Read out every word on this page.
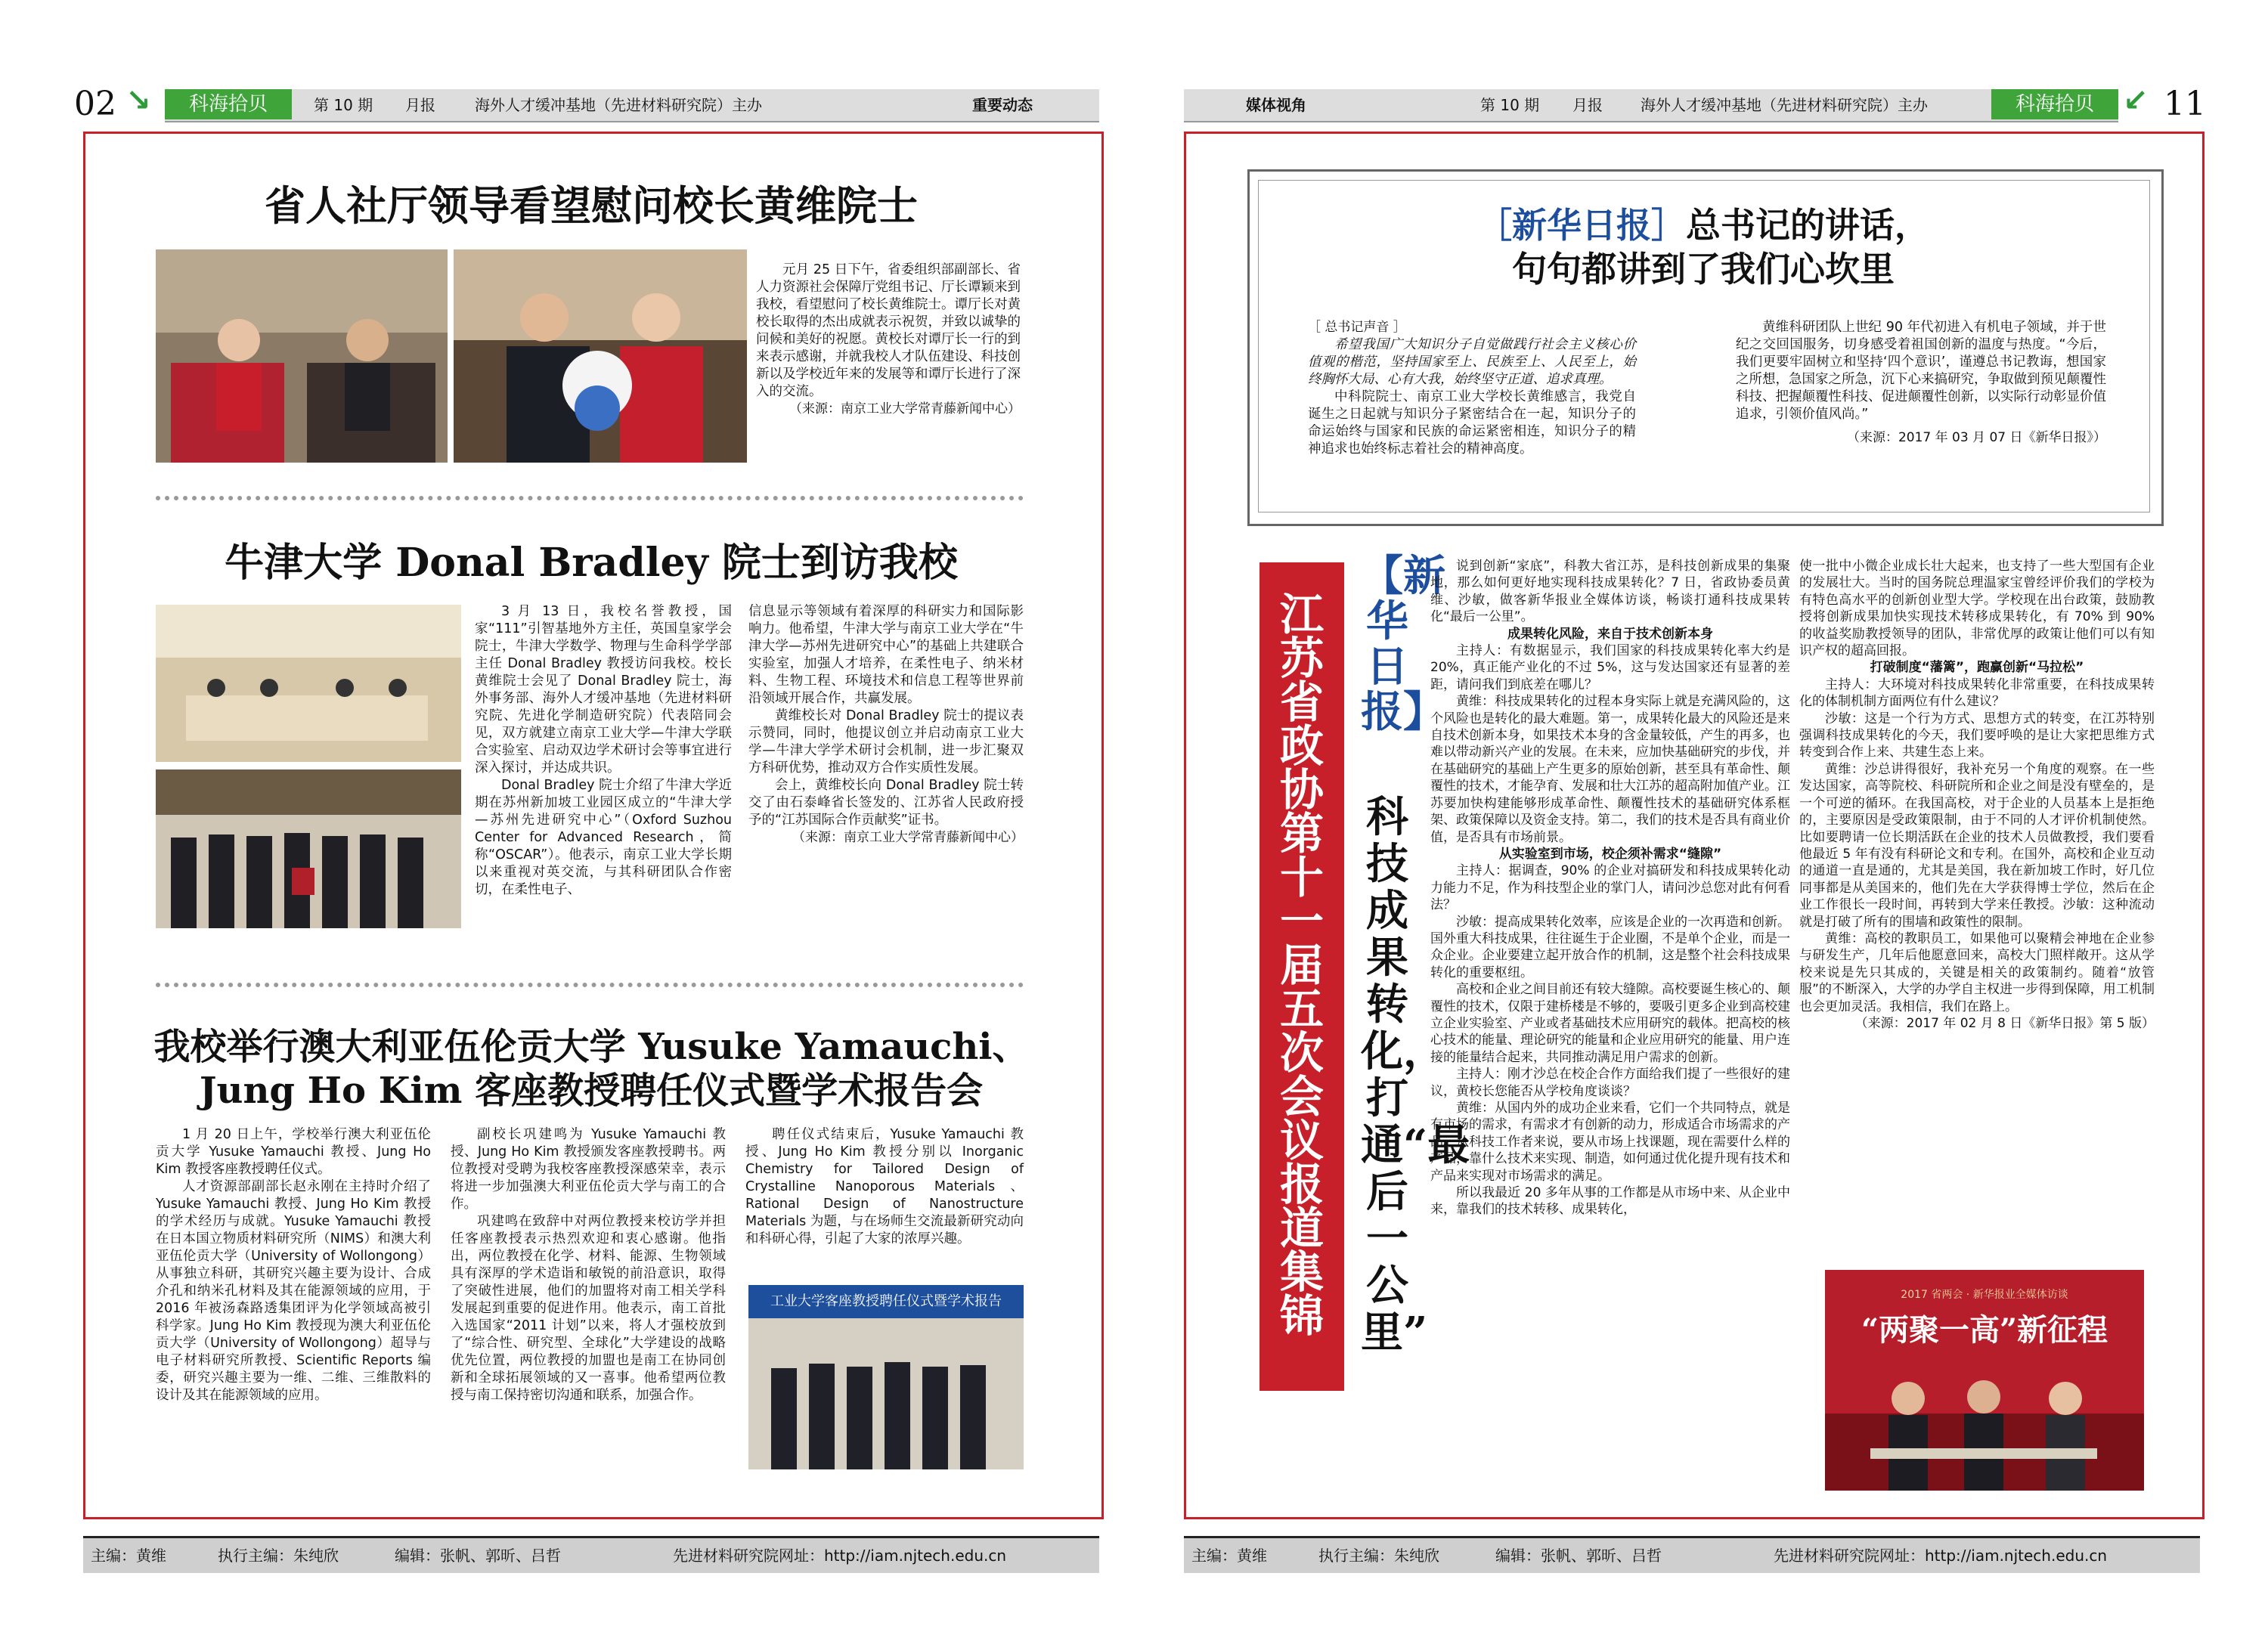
02 ↘	科海拾贝	第 10 期 月报	海外人才缓冲基地（先进材料研究院）主办	重要动态
省人社厅领导看望慰问校长黄维院士

元月 25 日下午，省委组织部副部长、省人力资源社会保障厅党组书记、厅长谭颖来到我校，看望慰问了校长黄维院士。谭厅长对黄校长取得的杰出成就表示祝贺，并致以诚挚的问候和美好的祝愿。黄校长对谭厅长一行的到来表示感谢，并就我校人才队伍建设、科技创新以及学校近年来的发展等和谭厅长进行了深入的交流。

（来源：南京工业大学常青藤新闻中心）
牛津大学 Donal Bradley 院士到访我校

3 月 13 日，我校名誉教授，国家“111”引智基地外方主任，英国皇家学会院士，牛津大学数学、物理与生命科学学部主任 Donal Bradley 教授访问我校。校长黄维院士会见了 Donal Bradley 院士，海外事务部、海外人才缓冲基地（先进材料研究院、先进化学制造研究院）代表陪同会见，双方就建立南京工业大学—牛津大学联合实验室、启动双边学术研讨会等事宜进行深入探讨，并达成共识。

Donal Bradley 院士介绍了牛津大学近期在苏州新加坡工业园区成立的“牛津大学—苏州先进研究中心”（Oxford Suzhou Center for Advanced Research，简称“OSCAR”）。他表示，南京工业大学长期以来重视对英交流，与其科研团队合作密切，在柔性电子、

信息显示等领域有着深厚的科研实力和国际影响力。他希望，牛津大学与南京工业大学在“牛津大学—苏州先进研究中心”的基础上共建联合实验室，加强人才培养，在柔性电子、纳米材料、生物工程、环境技术和信息工程等世界前沿领域开展合作，共赢发展。

黄维校长对 Donal Bradley 院士的提议表示赞同，同时，他提议创立并启动南京工业大学—牛津大学学术研讨会机制，进一步汇聚双方科研优势，推动双方合作实质性发展。

会上，黄维校长向 Donal Bradley 院士转交了由石泰峰省长签发的、江苏省人民政府授予的“江苏国际合作贡献奖”证书。

（来源：南京工业大学常青藤新闻中心）
我校举行澳大利亚伍伦贡大学 Yusuke Yamauchi、
Jung Ho Kim 客座教授聘任仪式暨学术报告会

1 月 20 日上午，学校举行澳大利亚伍伦贡大学 Yusuke Yamauchi 教授、Jung Ho Kim 教授客座教授聘任仪式。

人才资源部副部长赵永刚在主持时介绍了 Yusuke Yamauchi 教授、Jung Ho Kim 教授的学术经历与成就。Yusuke Yamauchi 教授在日本国立物质材料研究所（NIMS）和澳大利亚伍伦贡大学（University of Wollongong）从事独立科研，其研究兴趣主要为设计、合成介孔和纳米孔材料及其在能源领域的应用，于 2016 年被汤森路透集团评为化学领域高被引科学家。Jung Ho Kim 教授现为澳大利亚伍伦贡大学（University of Wollongong）超导与电子材料研究所教授、Scientific Reports 编委，研究兴趣主要为一维、二维、三维散料的设计及其在能源领域的应用。

副校长巩建鸣为 Yusuke Yamauchi 教授、Jung Ho Kim 教授颁发客座教授聘书。两位教授对受聘为我校客座教授深感荣幸，表示将进一步加强澳大利亚伍伦贡大学与南工的合作。

巩建鸣在致辞中对两位教授来校访学并担任客座教授表示热烈欢迎和衷心感谢。他指出，两位教授在化学、材料、能源、生物领域具有深厚的学术造诣和敏锐的前沿意识，取得了突破性进展，他们的加盟将对南工相关学科发展起到重要的促进作用。他表示，南工首批入选国家“2011 计划”以来，将人才强校放到了“综合性、研究型、全球化”大学建设的战略优先位置，两位教授的加盟也是南工在协同创新和全球拓展领域的又一喜事。他希望两位教授与南工保持密切沟通和联系，加强合作。

聘任仪式结束后，Yusuke Yamauchi 教授、Jung Ho Kim 教授分别以 Inorganic Chemistry for Tailored Design of Crystalline Nanoporous Materials、Rational Design of Nanostructure Materials 为题，与在场师生交流最新研究动向和科研心得，引起了大家的浓厚兴趣。

工业大学客座教授聘任仪式暨学术报告
主编：黄维	执行主编：朱纯欣	编辑：张帆、郭昕、吕哲	先进材料研究院网址：http://iam.njtech.edu.cn
媒体视角	第 10 期 月报	海外人才缓冲基地（先进材料研究院）主办	科海拾贝 ↙ 11
［新华日报］总书记的讲话，
句句都讲到了我们心坎里
［ 总书记声音 ］

希望我国广大知识分子自觉做践行社会主义核心价值观的楷范，坚持国家至上、民族至上、人民至上，始终胸怀大局、心有大我，始终坚守正道、追求真理。

中科院院士、南京工业大学校长黄维感言，我党自诞生之日起就与知识分子紧密结合在一起，知识分子的命运始终与国家和民族的命运紧密相连，知识分子的精神追求也始终标志着社会的精神高度。

黄维科研团队上世纪 90 年代初进入有机电子领域，并于世纪之交回国服务，切身感受着祖国创新的温度与热度。“今后，我们更要牢固树立和坚持‘四个意识’，谨遵总书记教诲，想国家之所想，急国家之所急，沉下心来搞研究，争取做到预见颠覆性科技、把握颠覆性科技、促进颠覆性创新，以实际行动彰显价值追求，引领价值风尚。”

（来源：2017 年 03 月 07 日《新华日报》）
江苏省政协第十一届五次会议报道集锦
【新华日报】
科技成果转化，打通“最后一公里”

说到创新“家底”，科教大省江苏，是科技创新成果的集聚地，那么如何更好地实现科技成果转化？7 日，省政协委员黄维、沙敏，做客新华报业全媒体访谈，畅谈打通科技成果转化“最后一公里”。

成果转化风险，来自于技术创新本身

主持人：有数据显示，我们国家的科技成果转化率大约是 20%，真正能产业化的不过 5%，这与发达国家还有显著的差距，请问我们到底差在哪儿？

黄维：科技成果转化的过程本身实际上就是充满风险的，这个风险也是转化的最大难题。第一，成果转化最大的风险还是来自技术创新本身，如果技术本身的含金量较低，产生的再多，也难以带动新兴产业的发展。在未来，应加快基础研究的步伐，并在基础研究的基础上产生更多的原始创新，甚至具有革命性、颠覆性的技术，才能孕育、发展和壮大江苏的超高附加值产业。江苏要加快构建能够形成革命性、颠覆性技术的基础研究体系框架、政策保障以及资金支持。第二，我们的技术是否具有商业价值，是否具有市场前景。

从实验室到市场，校企须补需求“缝隙”

主持人：据调查，90% 的企业对搞研发和科技成果转化动力能力不足，作为科技型企业的掌门人，请问沙总您对此有何看法？

沙敏：提高成果转化效率，应该是企业的一次再造和创新。国外重大科技成果，往往诞生于企业圈，不是单个企业，而是一众企业。企业要建立起开放合作的机制，这是整个社会科技成果转化的重要枢纽。

高校和企业之间目前还有较大缝隙。高校要诞生核心的、颠覆性的技术，仅限于建桥楼是不够的，要吸引更多企业到高校建立企业实验室、产业或者基础技术应用研究的载体。把高校的核心技术的能量、理论研究的能量和企业应用研究的能量、用户连接的能量结合起来，共同推动满足用户需求的创新。

主持人：刚才沙总在校企合作方面给我们提了一些很好的建议，黄校长您能否从学校角度谈谈？

黄维：从国内外的成功企业来看，它们一个共同特点，就是有市场的需求，有需求才有创新的动力，形成适合市场需求的产品。从科技工作者来说，要从市场上找课题，现在需要什么样的产品，靠什么技术来实现、制造，如何通过优化提升现有技术和产品来实现对市场需求的满足。

所以我最近 20 多年从事的工作都是从市场中来、从企业中来，靠我们的技术转移、成果转化，

使一批中小微企业成长壮大起来，也支持了一些大型国有企业的发展壮大。当时的国务院总理温家宝曾经评价我们的学校为有特色高水平的创新创业型大学。学校现在出台政策，鼓励教授将创新成果加快实现技术转移成果转化，有 70% 到 90% 的收益奖励教授领导的团队，非常优厚的政策让他们可以有知识产权的超高回报。

打破制度“藩篱”，跑赢创新“马拉松”

主持人：大环境对科技成果转化非常重要，在科技成果转化的体制机制方面两位有什么建议？

沙敏：这是一个行为方式、思想方式的转变，在江苏特别强调科技成果转化的今天，我们要呼唤的是让大家把思维方式转变到合作上来、共建生态上来。

黄维：沙总讲得很好，我补充另一个角度的观察。在一些发达国家，高等院校、科研院所和企业之间是没有壁垒的，是一个可逆的循环。在我国高校，对于企业的人员基本上是拒绝的，主要原因是受政策限制，由于不同的人才评价机制使然。比如要聘请一位长期活跃在企业的技术人员做教授，我们要看他最近 5 年有没有科研论文和专利。在国外，高校和企业互动的通道一直是通的，尤其是美国，我在新加坡工作时，好几位同事都是从美国来的，他们先在大学获得博士学位，然后在企业工作很长一段时间，再转到大学来任教授。沙敏：这种流动就是打破了所有的围墙和政策性的限制。

黄维：高校的教职员工，如果他可以聚精会神地在企业参与研发生产，几年后他愿意回来，高校大门照样敞开。这从学校来说是先只其成的，关键是相关的政策制约。随着“放管服”的不断深入，大学的办学自主权进一步得到保障，用工机制也会更加灵活。我相信，我们在路上。

（来源：2017 年 02 月 8 日《新华日报》第 5 版）
2017 省两会 · 新华报业全媒体访谈
“两聚一高”新征程
主编：黄维	执行主编：朱纯欣	编辑：张帆、郭昕、吕哲	先进材料研究院网址：http://iam.njtech.edu.cn
